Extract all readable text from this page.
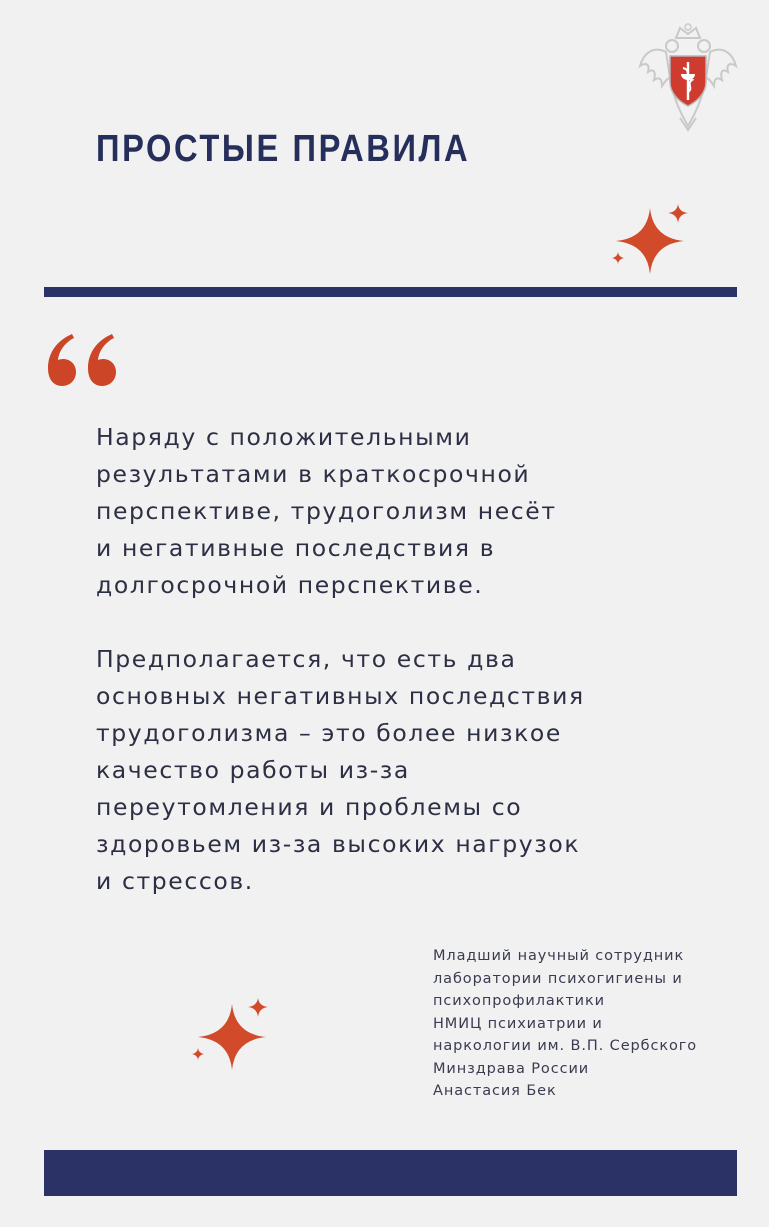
ПРОСТЫЕ ПРАВИЛА

Наряду с положительными
результатами в краткосрочной
перспективе, трудоголизм несёт
и негативные последствия в
долгосрочной перспективе.

Предполагается, что есть два
основных негативных последствия
трудоголизма – это более низкое
качество работы из-за
переутомления и проблемы со
здоровьем из-за высоких нагрузок
и стрессов.

Младший научный сотрудник
лаборатории психогигиены и
психопрофилактики
НМИЦ психиатрии и
наркологии им. В.П. Сербского
Минздрава России
Анастасия Бек
